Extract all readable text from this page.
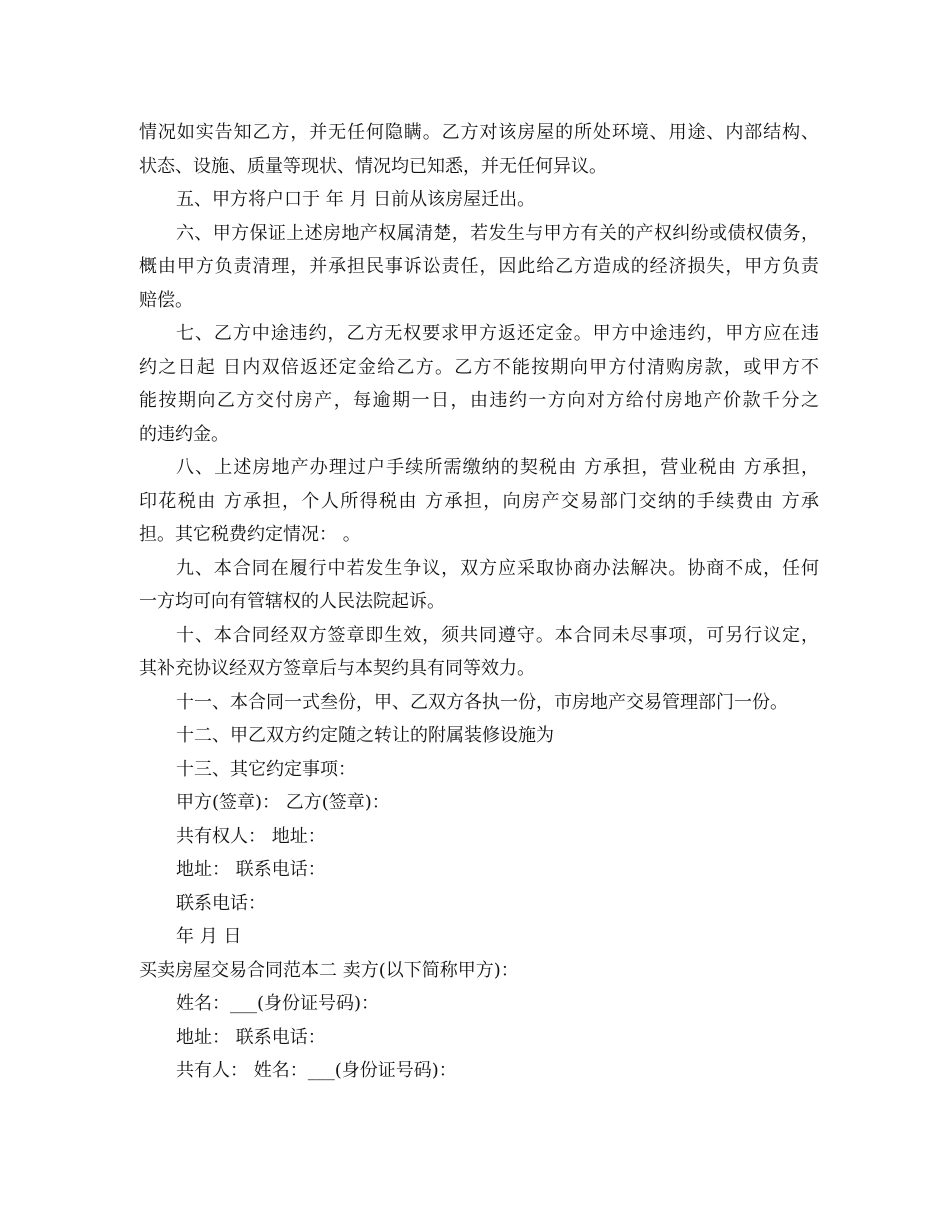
情况如实告知乙方，并无任何隐瞒。乙方对该房屋的所处环境、用途、内部结构、
状态、设施、质量等现状、情况均已知悉，并无任何异议。
五、甲方将户口于 年 月 日前从该房屋迁出。
六、甲方保证上述房地产权属清楚，若发生与甲方有关的产权纠纷或债权债务，
概由甲方负责清理，并承担民事诉讼责任，因此给乙方造成的经济损失，甲方负责
赔偿。
七、乙方中途违约，乙方无权要求甲方返还定金。甲方中途违约，甲方应在违
约之日起 日内双倍返还定金给乙方。乙方不能按期向甲方付清购房款，或甲方不
能按期向乙方交付房产，每逾期一日，由违约一方向对方给付房地产价款千分之
的违约金。
八、上述房地产办理过户手续所需缴纳的契税由 方承担，营业税由 方承担，
印花税由 方承担，个人所得税由 方承担，向房产交易部门交纳的手续费由 方承
担。其它税费约定情况： 。
九、本合同在履行中若发生争议，双方应采取协商办法解决。协商不成，任何
一方均可向有管辖权的人民法院起诉。
十、本合同经双方签章即生效，须共同遵守。本合同未尽事项，可另行议定，
其补充协议经双方签章后与本契约具有同等效力。
十一、本合同一式叁份，甲、乙双方各执一份，市房地产交易管理部门一份。
十二、甲乙双方约定随之转让的附属装修设施为
十三、其它约定事项：
甲方(签章)： 乙方(签章)：
共有权人： 地址：
地址： 联系电话：
联系电话：
年 月 日
买卖房屋交易合同范本二 卖方(以下简称甲方)：
姓名：___(身份证号码)：
地址： 联系电话：
共有人： 姓名：___(身份证号码)：
